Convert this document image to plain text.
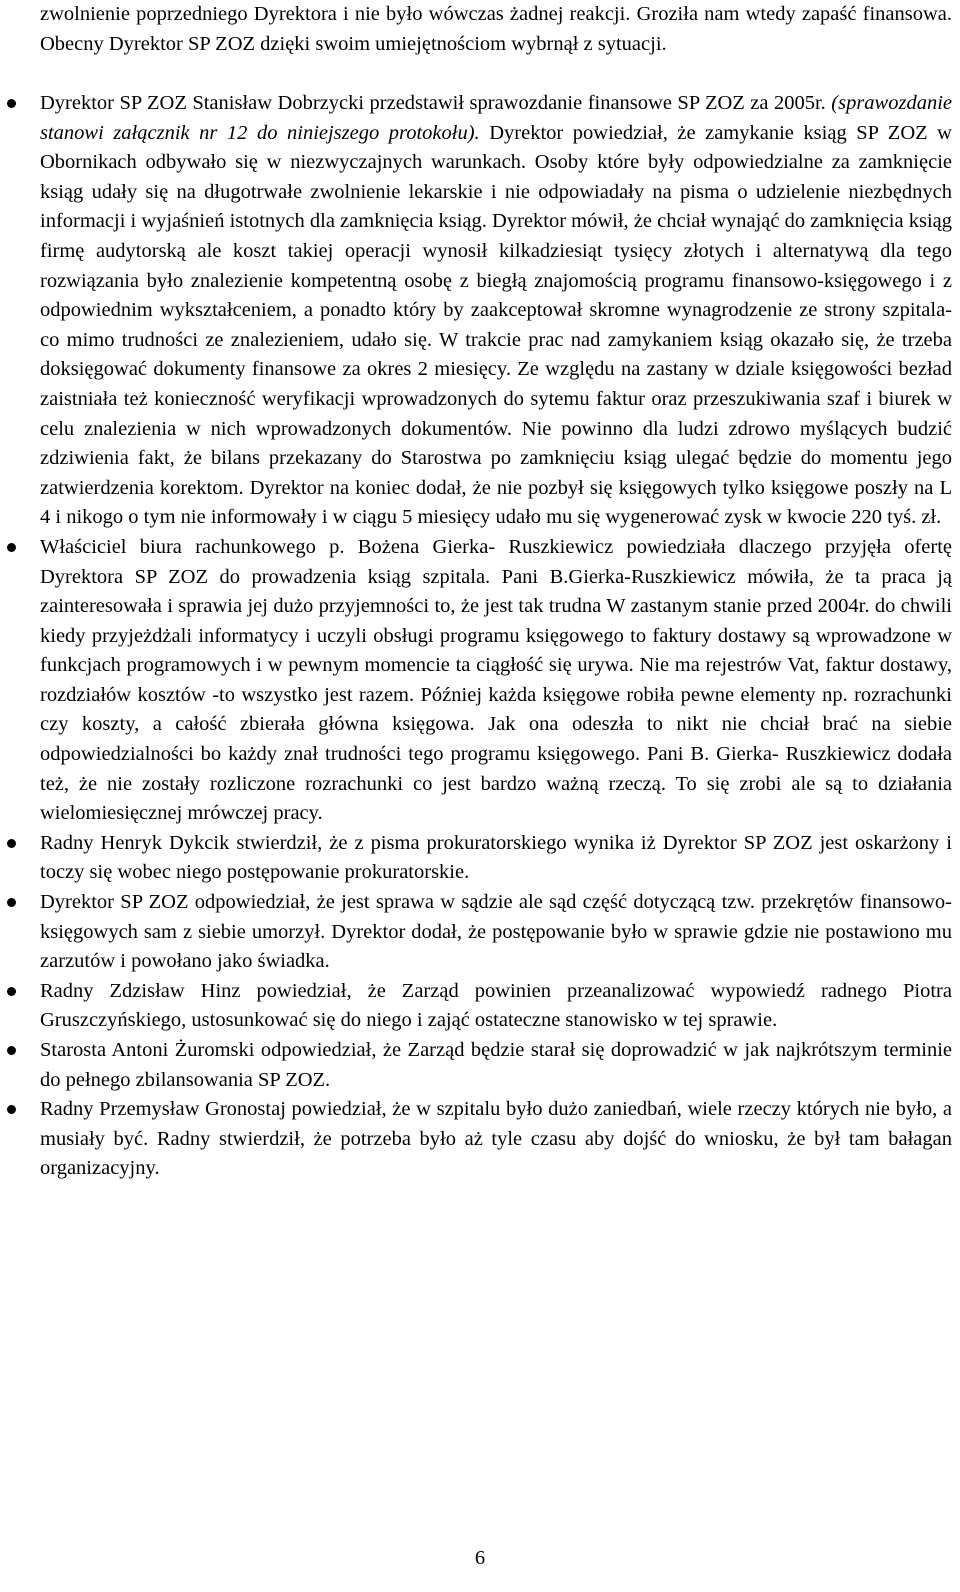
zwolnienie poprzedniego Dyrektora i nie było wówczas żadnej reakcji. Groziła nam wtedy zapaść finansowa. Obecny Dyrektor SP ZOZ dzięki swoim umiejętnościom wybrnął z sytuacji.

Dyrektor SP ZOZ Stanisław Dobrzycki przedstawił sprawozdanie finansowe SP ZOZ za 2005r. (sprawozdanie stanowi załącznik nr 12 do niniejszego protokołu). Dyrektor powiedział, że zamykanie ksiąg SP ZOZ w Obornikach odbywało się w niezwyczajnych warunkach. Osoby które były odpowiedzialne za zamknięcie ksiąg udały się na długotrwałe zwolnienie lekarskie i nie odpowiadały na pisma o udzielenie niezbędnych informacji i wyjaśnień istotnych dla zamknięcia ksiąg. Dyrektor mówił, że chciał wynająć do zamknięcia ksiąg firmę audytorską ale koszt takiej operacji wynosił kilkadziesiąt tysięcy złotych i alternatywą dla tego rozwiązania było znalezienie kompetentną osobę z biegłą znajomością programu finansowo-księgowego i z odpowiednim wykształceniem, a ponadto który by zaakceptował skromne wynagrodzenie ze strony szpitala- co mimo trudności ze znalezieniem, udało się. W trakcie prac nad zamykaniem ksiąg okazało się, że trzeba doksięgować dokumenty finansowe za okres 2 miesięcy. Ze względu na zastany w dziale księgowości bezład zaistniała też konieczność weryfikacji wprowadzonych do sytemu faktur oraz przeszukiwania szaf i biurek w celu znalezienia w nich wprowadzonych dokumentów. Nie powinno dla ludzi zdrowo myślących budzić zdziwienia fakt, że bilans przekazany do Starostwa po zamknięciu ksiąg ulegać będzie do momentu jego zatwierdzenia korektom. Dyrektor na koniec dodał, że nie pozbył się księgowych tylko księgowe poszły na L 4 i nikogo o tym nie informowały i w ciągu 5 miesięcy udało mu się wygenerować zysk w kwocie 220 tyś. zł.
Właściciel biura rachunkowego p. Bożena Gierka- Ruszkiewicz powiedziała dlaczego przyjęła ofertę Dyrektora SP ZOZ do prowadzenia ksiąg szpitala. Pani B.Gierka-Ruszkiewicz mówiła, że ta praca ją zainteresowała i sprawia jej dużo przyjemności to, że jest tak trudna W zastanym stanie przed 2004r. do chwili kiedy przyjeżdżali informatycy i uczyli obsługi programu księgowego to faktury dostawy są wprowadzone w funkcjach programowych i w pewnym momencie ta ciągłość się urywa. Nie ma rejestrów Vat, faktur dostawy, rozdziałów kosztów -to wszystko jest razem. Później każda księgowe robiła pewne elementy np. rozrachunki czy koszty, a całość zbierała główna księgowa. Jak ona odeszła to nikt nie chciał brać na siebie odpowiedzialności bo każdy znał trudności tego programu księgowego. Pani B. Gierka- Ruszkiewicz dodała też, że nie zostały rozliczone rozrachunki co jest bardzo ważną rzeczą. To się zrobi ale są to działania wielomiesięcznej mrówczej pracy.
Radny Henryk Dykcik stwierdził, że z pisma prokuratorskiego wynika iż Dyrektor SP ZOZ jest oskarżony i toczy się wobec niego postępowanie prokuratorskie.
Dyrektor SP ZOZ odpowiedział, że jest sprawa w sądzie ale sąd część dotyczącą tzw. przekrętów finansowo- księgowych sam z siebie umorzył. Dyrektor dodał, że postępowanie było w sprawie gdzie nie postawiono mu zarzutów i powołano jako świadka.
Radny Zdzisław Hinz powiedział, że Zarząd powinien przeanalizować wypowiedź radnego Piotra Gruszczyńskiego, ustosunkować się do niego i zająć ostateczne stanowisko w tej sprawie.
Starosta Antoni Żuromski odpowiedział, że Zarząd będzie starał się doprowadzić w jak najkrótszym terminie do pełnego zbilansowania SP ZOZ.
Radny Przemysław Gronostaj powiedział, że w szpitalu było dużo zaniedbań, wiele rzeczy których nie było, a musiały być. Radny stwierdził, że potrzeba było aż tyle czasu aby dojść do wniosku, że był tam bałagan organizacyjny.
6
